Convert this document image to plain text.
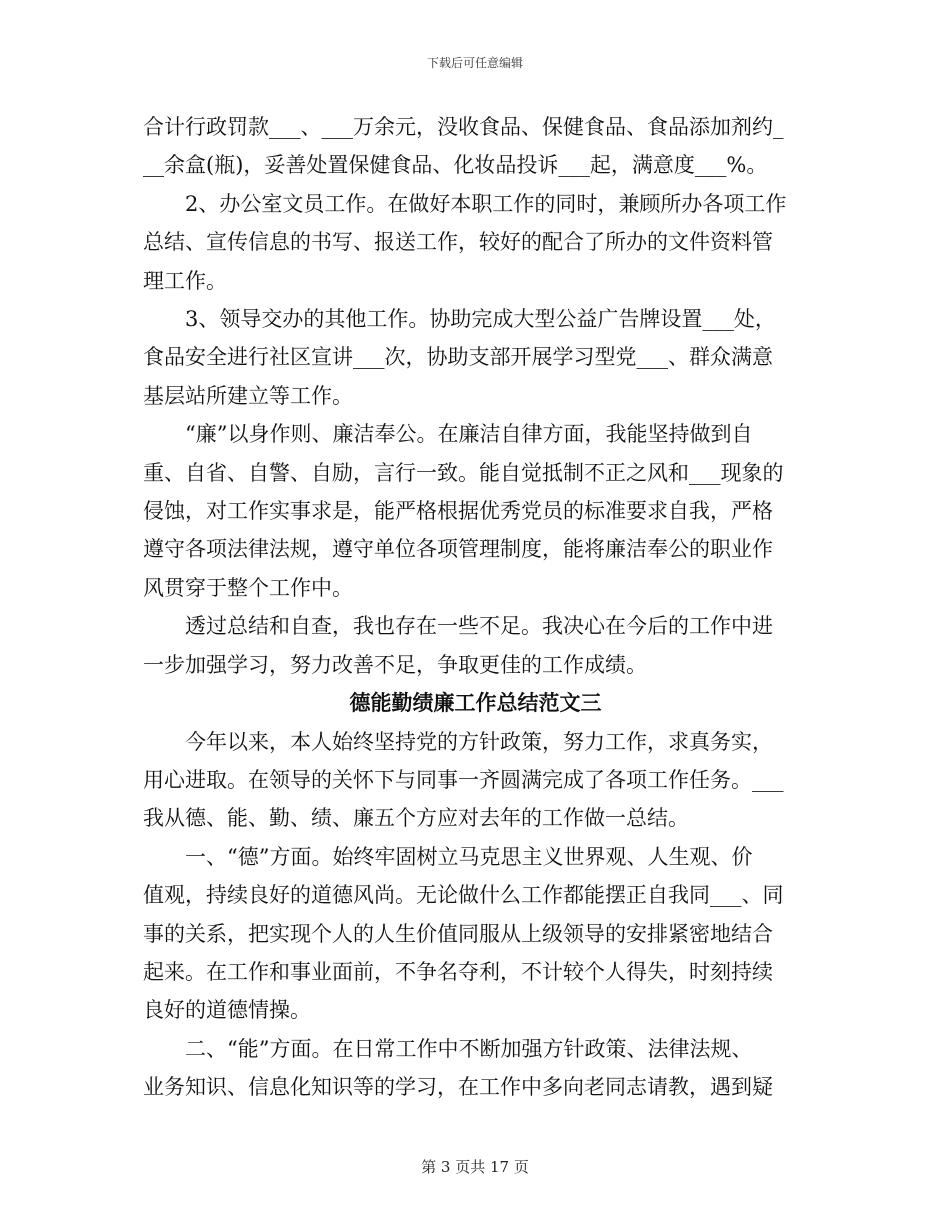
下载后可任意编辑

合计行政罚款___、___万余元，没收食品、保健食品、食品添加剂约_

__余盒(瓶)，妥善处置保健食品、化妆品投诉___起，满意度___%。

2、办公室文员工作。在做好本职工作的同时，兼顾所办各项工作

总结、宣传信息的书写、报送工作，较好的配合了所办的文件资料管

理工作。

3、领导交办的其他工作。协助完成大型公益广告牌设置___处，

食品安全进行社区宣讲___次，协助支部开展学习型党___、群众满意

基层站所建立等工作。

“廉”以身作则、廉洁奉公。在廉洁自律方面，我能坚持做到自

重、自省、自警、自励，言行一致。能自觉抵制不正之风和___现象的

侵蚀，对工作实事求是，能严格根据优秀党员的标准要求自我，严格

遵守各项法律法规，遵守单位各项管理制度，能将廉洁奉公的职业作

风贯穿于整个工作中。

透过总结和自查，我也存在一些不足。我决心在今后的工作中进

一步加强学习，努力改善不足，争取更佳的工作成绩。

德能勤绩廉工作总结范文三

今年以来，本人始终坚持党的方针政策，努力工作，求真务实，

用心进取。在领导的关怀下与同事一齐圆满完成了各项工作任务。___

我从德、能、勤、绩、廉五个方应对去年的工作做一总结。

一、“德”方面。始终牢固树立马克思主义世界观、人生观、价

值观，持续良好的道德风尚。无论做什么工作都能摆正自我同___、同

事的关系，把实现个人的人生价值同服从上级领导的安排紧密地结合

起来。在工作和事业面前，不争名夺利，不计较个人得失，时刻持续

良好的道德情操。

二、“能”方面。在日常工作中不断加强方针政策、法律法规、

业务知识、信息化知识等的学习，在工作中多向老同志请教，遇到疑

第 3 页共 17 页
